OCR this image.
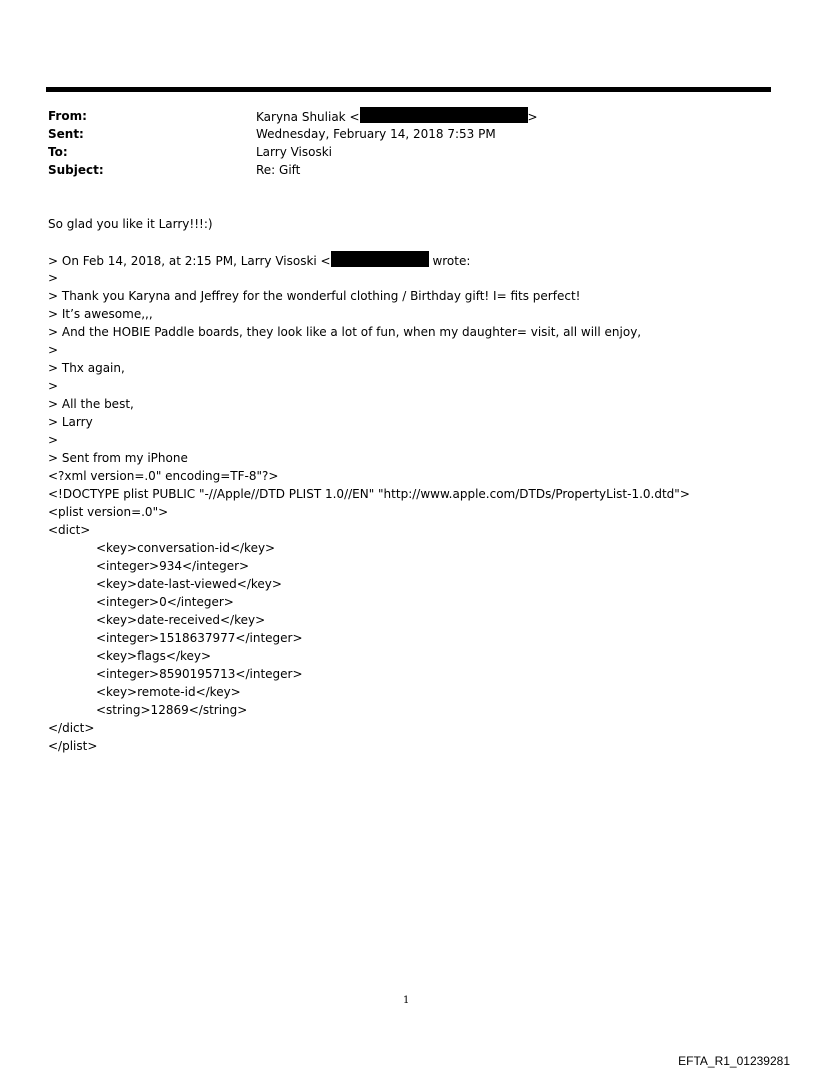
From:	Karyna Shuliak <	>
Sent:	Wednesday, February 14, 2018 7:53 PM
To:	Larry Visoski
Subject:	Re: Gift
So glad you like it Larry!!!:)
> On Feb 14, 2018, at 2:15 PM, Larry Visoski <	wrote:
>
> Thank you Karyna and Jeffrey for the wonderful clothing / Birthday gift! I= fits perfect!
> It’s awesome,,,
> And the HOBIE Paddle boards, they look like a lot of fun, when my daughter= visit, all will enjoy,
>
> Thx again,
>
> All the best,
> Larry
>
> Sent from my iPhone
<?xml version=.0" encoding=TF-8"?>
<!DOCTYPE plist PUBLIC "-//Apple//DTD PLIST 1.0//EN" "http://www.apple.com/DTDs/PropertyList-1.0.dtd">
<plist version=.0">
<dict>
<key>conversation-id</key>
<integer>934</integer>
<key>date-last-viewed</key>
<integer>0</integer>
<key>date-received</key>
<integer>1518637977</integer>
<key>flags</key>
<integer>8590195713</integer>
<key>remote-id</key>
<string>12869</string>
</dict>
</plist>
1
EFTA_R1_01239281
